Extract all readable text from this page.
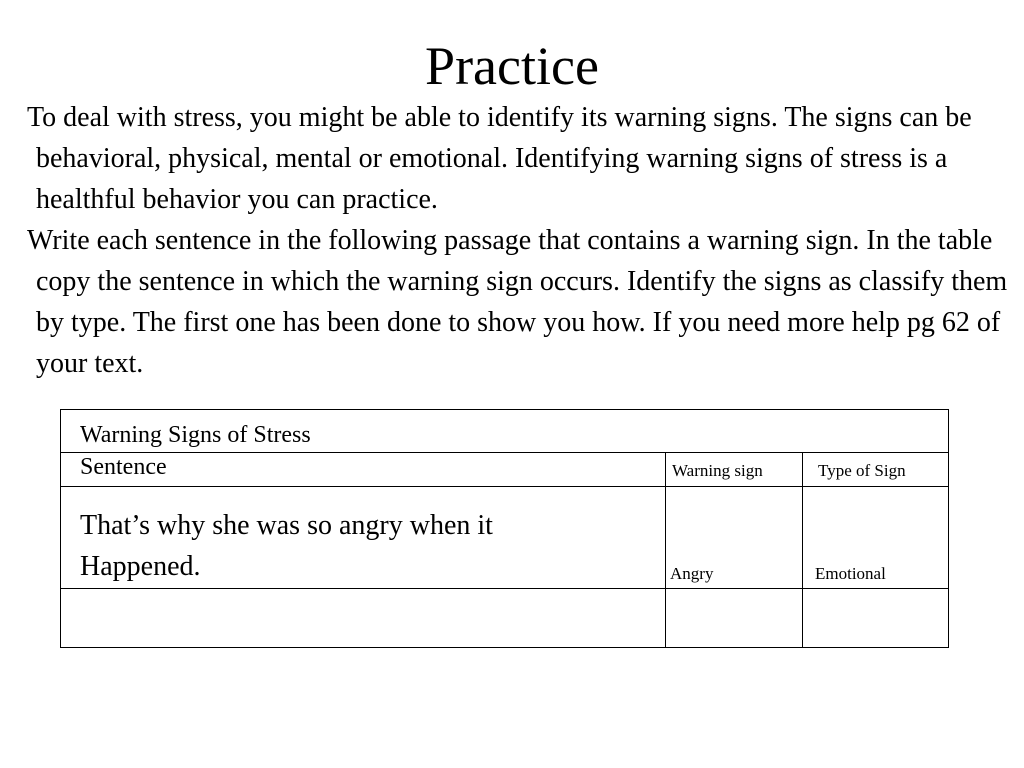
Practice
To deal with stress, you might be able to identify its warning signs. The signs can be behavioral, physical, mental or emotional. Identifying warning signs of stress is a healthful behavior you can practice.
Write each sentence in the following passage that contains a warning sign. In the table copy the sentence in which the warning sign occurs. Identify the signs as classify them by type. The first one has been done to show you how. If you need more help pg 62 of your text.
Warning Signs of Stress		

Sentence	Warning sign	Type of Sign

That’s why she was so angry when it
Happened.	Angry	Emotional
